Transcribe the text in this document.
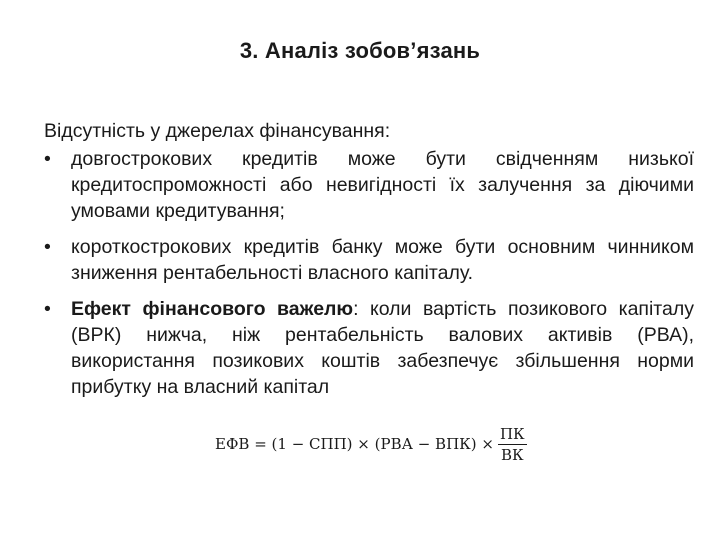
3. Аналіз зобов’язань
Відсутність у джерелах фінансування:
• довгострокових кредитів може бути свідченням низької кредитоспроможності або невигідності їх залучення за діючими умовами кредитування;
• короткострокових кредитів банку може бути основним чинником зниження рентабельності власного капіталу.
• Ефект фінансового важелю: коли вартість позикового капіталу (ВРК) нижча, ніж рентабельність валових активів (РВА), використання позикових коштів забезпечує збільшення норми прибутку на власний капітал
ЕФВ = $(1 - СПП) \times (РВА - ВПК) \times \frac{ПК}{ВК}$
